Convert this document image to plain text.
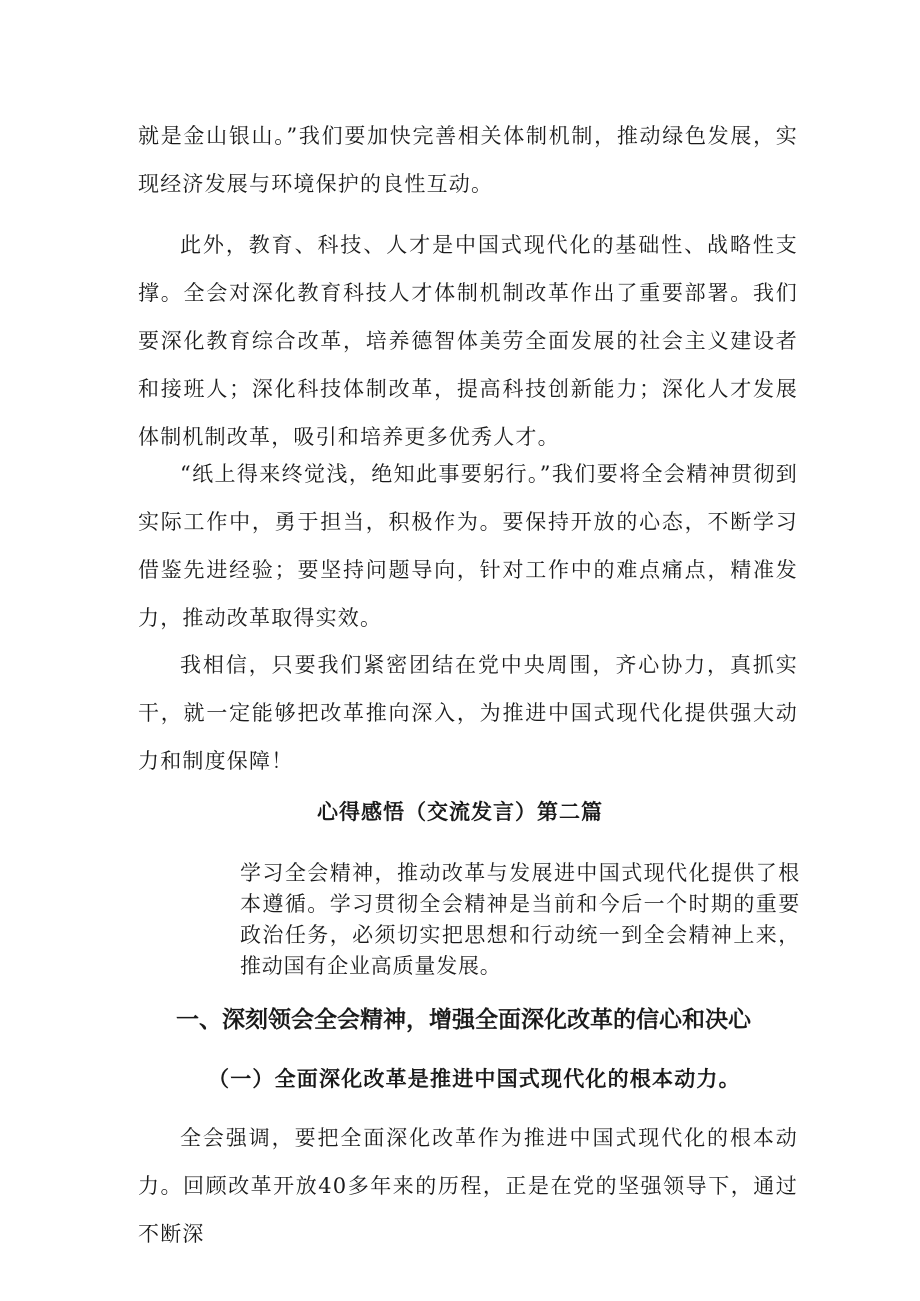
就是金山银山。”我们要加快完善相关体制机制，推动绿色发展，实现经济发展与环境保护的良性互动。

此外，教育、科技、人才是中国式现代化的基础性、战略性支撑。全会对深化教育科技人才体制机制改革作出了重要部署。我们要深化教育综合改革，培养德智体美劳全面发展的社会主义建设者和接班人；深化科技体制改革，提高科技创新能力；深化人才发展体制机制改革，吸引和培养更多优秀人才。

“纸上得来终觉浅，绝知此事要躬行。”我们要将全会精神贯彻到实际工作中，勇于担当，积极作为。要保持开放的心态，不断学习借鉴先进经验；要坚持问题导向，针对工作中的难点痛点，精准发力，推动改革取得实效。

我相信，只要我们紧密团结在党中央周围，齐心协力，真抓实干，就一定能够把改革推向深入，为推进中国式现代化提供强大动力和制度保障！

心得感悟（交流发言）第二篇

学习全会精神，推动改革与发展进中国式现代化提供了根本遵循。学习贯彻全会精神是当前和今后一个时期的重要政治任务，必须切实把思想和行动统一到全会精神上来，推动国有企业高质量发展。

一、深刻领会全会精神，增强全面深化改革的信心和决心
（一）全面深化改革是推进中国式现代化的根本动力。

全会强调，要把全面深化改革作为推进中国式现代化的根本动力。回顾改革开放40多年来的历程，正是在党的坚强领导下，通过不断深
